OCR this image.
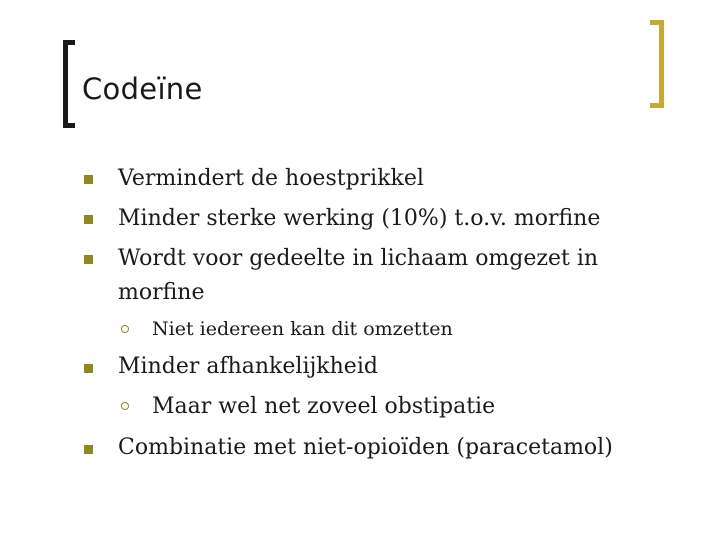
Codeïne
Vermindert de hoestprikkel
Minder sterke werking (10%) t.o.v. morfine
Wordt voor gedeelte in lichaam omgezet in
morfine
Niet iedereen kan dit omzetten
Minder afhankelijkheid
Maar wel net zoveel obstipatie
Combinatie met niet-opioïden (paracetamol)
